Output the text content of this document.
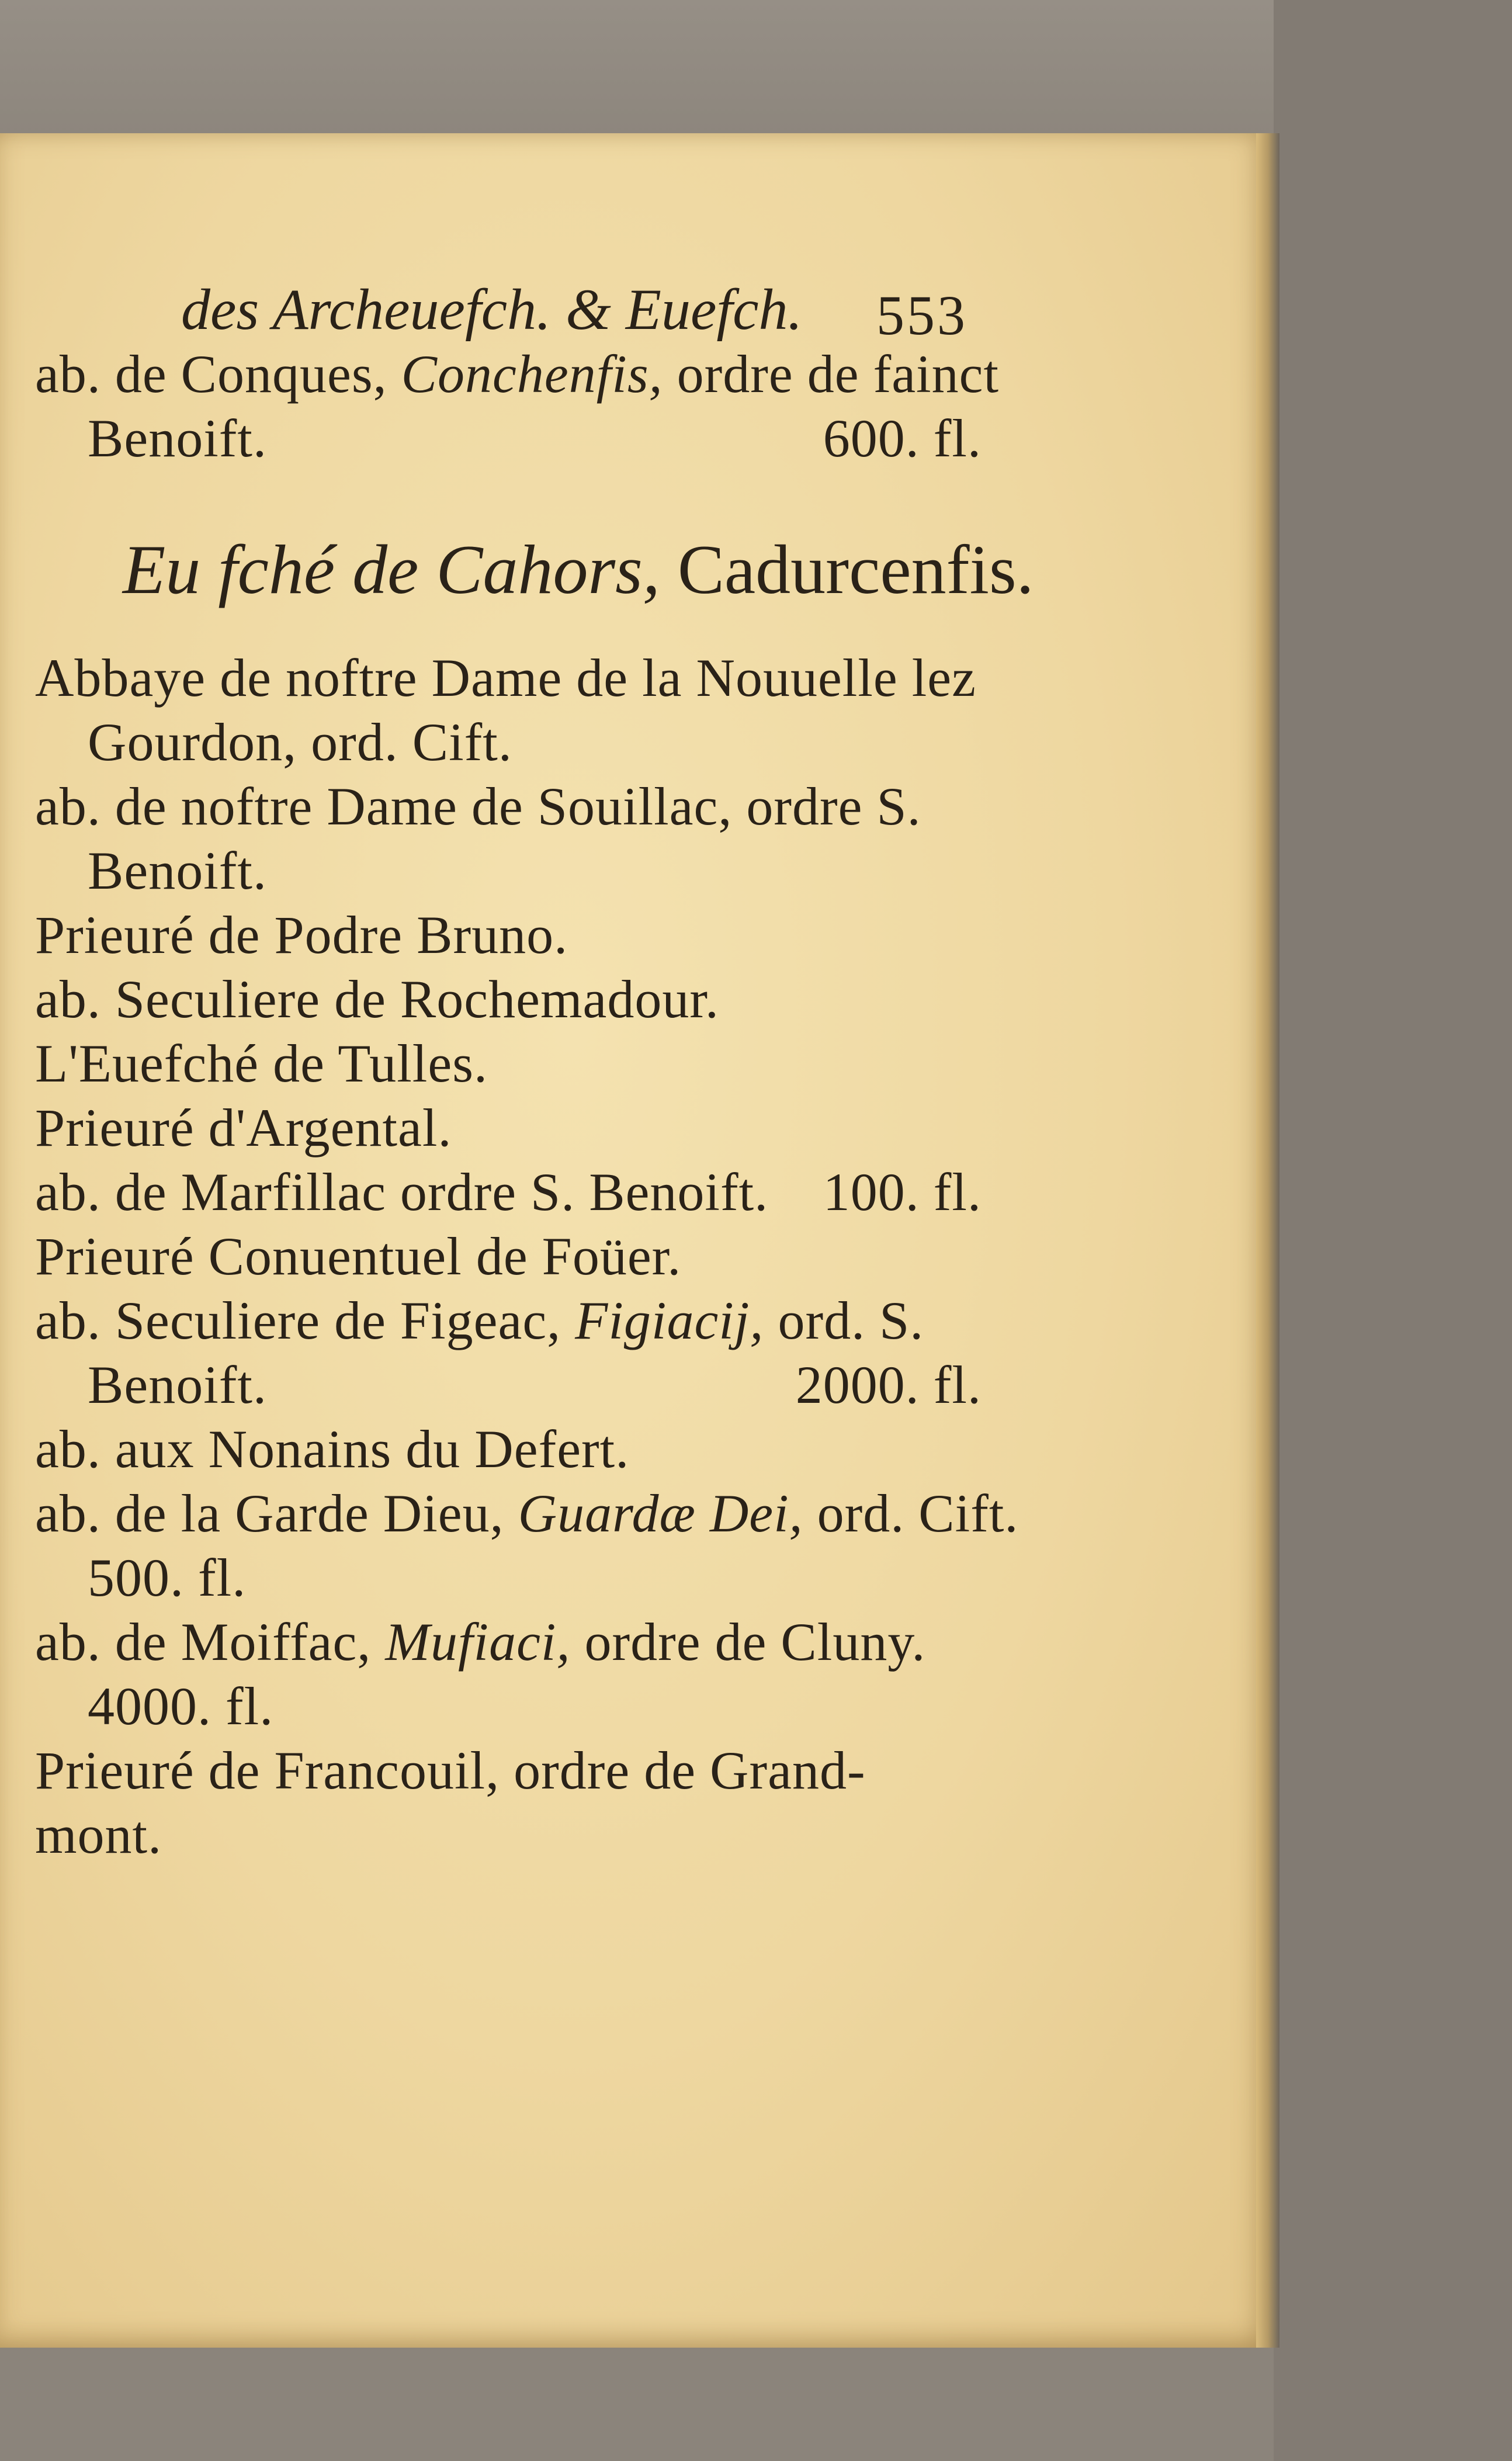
des Archeuefch. & Euefch. 553
ab. de Conques, Conchenfis, ordre de fainct
Benoift.	600. fl.
Eu fché de Cahors, Cadurcenfis.
Abbaye de noftre Dame de la Nouuelle lez
Gourdon, ord. Cift.
ab. de noftre Dame de Souillac, ordre S.
Benoift.
Prieuré de Podre Bruno.
ab. Seculiere de Rochemadour.
L'Euefché de Tulles.
Prieuré d'Argental.
ab. de Marfillac ordre S. Benoift. 100. fl.
Prieuré Conuentuel de Foüer.
ab. Seculiere de Figeac, Figiacij, ord. S.
Benoift.	2000. fl.
ab. aux Nonains du Defert.
ab. de la Garde Dieu, Guardæ Dei, ord. Cift.
500. fl.
ab. de Moiffac, Mufiaci, ordre de Cluny.
4000. fl.
Prieuré de Francouil, ordre de Grand-
mont.
